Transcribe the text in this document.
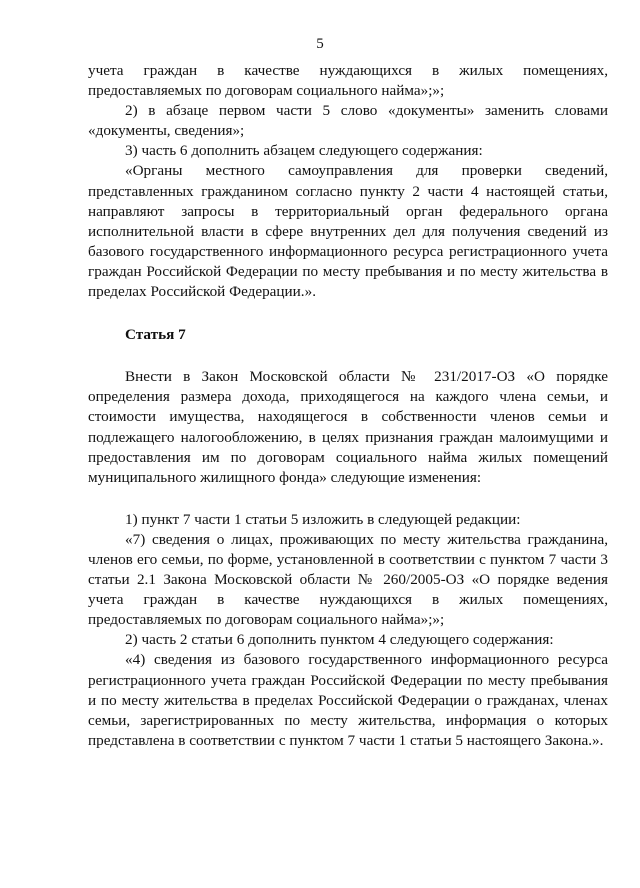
5

учета граждан в качестве нуждающихся в жилых помещениях, предоставляемых по договорам социального найма»;»;

2) в абзаце первом части 5 слово «документы» заменить словами «документы, сведения»;

3) часть 6 дополнить абзацем следующего содержания:

«Органы местного самоуправления для проверки сведений, представленных гражданином согласно пункту 2 части 4 настоящей статьи, направляют запросы в территориальный орган федерального органа исполнительной власти в сфере внутренних дел для получения сведений из базового государственного информационного ресурса регистрационного учета граждан Российской Федерации по месту пребывания и по месту жительства в пределах Российской Федерации.».

Статья 7

Внести в Закон Московской области № 231/2017-ОЗ «О порядке определения размера дохода, приходящегося на каждого члена семьи, и стоимости имущества, находящегося в собственности членов семьи и подлежащего налогообложению, в целях признания граждан малоимущими и предоставления им по договорам социального найма жилых помещений муниципального жилищного фонда» следующие изменения:

1) пункт 7 части 1 статьи 5 изложить в следующей редакции:

«7) сведения о лицах, проживающих по месту жительства гражданина, членов его семьи, по форме, установленной в соответствии с пунктом 7 части 3 статьи 2.1 Закона Московской области № 260/2005-ОЗ «О порядке ведения учета граждан в качестве нуждающихся в жилых помещениях, предоставляемых по договорам социального найма»;»;

2) часть 2 статьи 6 дополнить пунктом 4 следующего содержания:

«4) сведения из базового государственного информационного ресурса регистрационного учета граждан Российской Федерации по месту пребывания и по месту жительства в пределах Российской Федерации о гражданах, членах семьи, зарегистрированных по месту жительства, информация о которых представлена в соответствии с пунктом 7 части 1 статьи 5 настоящего Закона.».
